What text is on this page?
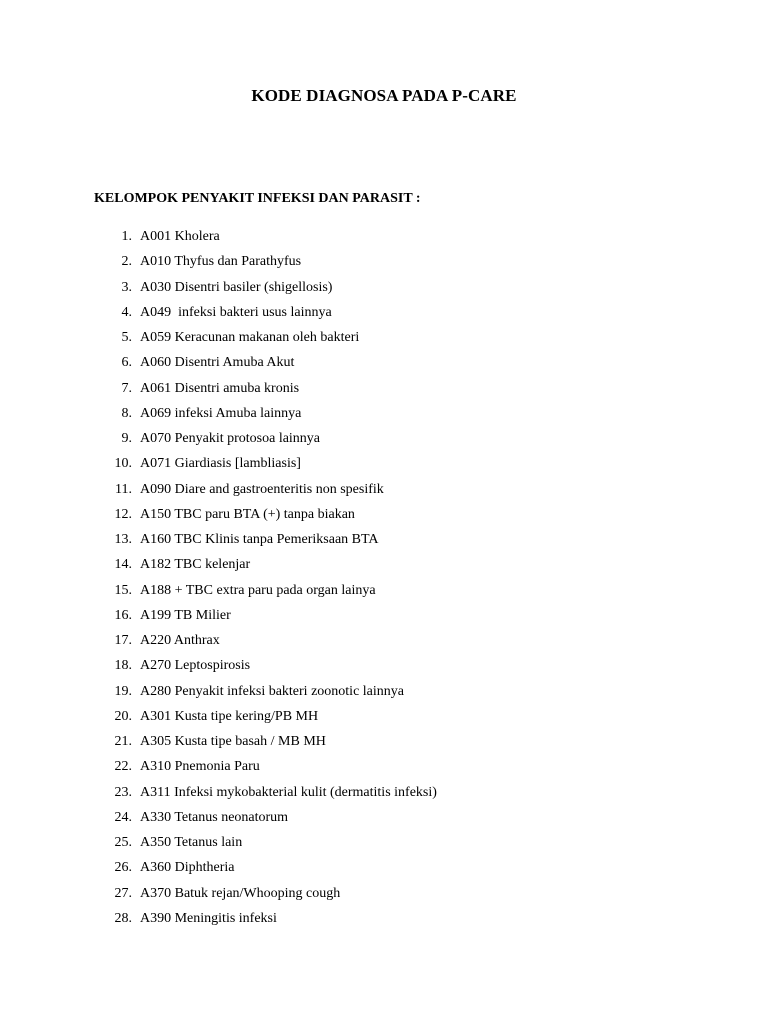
KODE DIAGNOSA PADA P-CARE
KELOMPOK PENYAKIT INFEKSI DAN PARASIT :
1. A001 Kholera
2. A010 Thyfus dan Parathyfus
3. A030 Disentri basiler (shigellosis)
4. A049  infeksi bakteri usus lainnya
5. A059 Keracunan makanan oleh bakteri
6. A060 Disentri Amuba Akut
7. A061 Disentri amuba kronis
8. A069 infeksi Amuba lainnya
9. A070 Penyakit protosoa lainnya
10. A071 Giardiasis [lambliasis]
11. A090 Diare and gastroenteritis non spesifik
12. A150 TBC paru BTA (+) tanpa biakan
13. A160 TBC Klinis tanpa Pemeriksaan BTA
14. A182 TBC kelenjar
15. A188 + TBC extra paru pada organ lainya
16. A199 TB Milier
17. A220 Anthrax
18. A270 Leptospirosis
19. A280 Penyakit infeksi bakteri zoonotic lainnya
20. A301 Kusta tipe kering/PB MH
21. A305 Kusta tipe basah / MB MH
22. A310 Pnemonia Paru
23. A311 Infeksi mykobakterial kulit (dermatitis infeksi)
24. A330 Tetanus neonatorum
25. A350 Tetanus lain
26. A360 Diphtheria
27. A370 Batuk rejan/Whooping cough
28. A390 Meningitis infeksi
